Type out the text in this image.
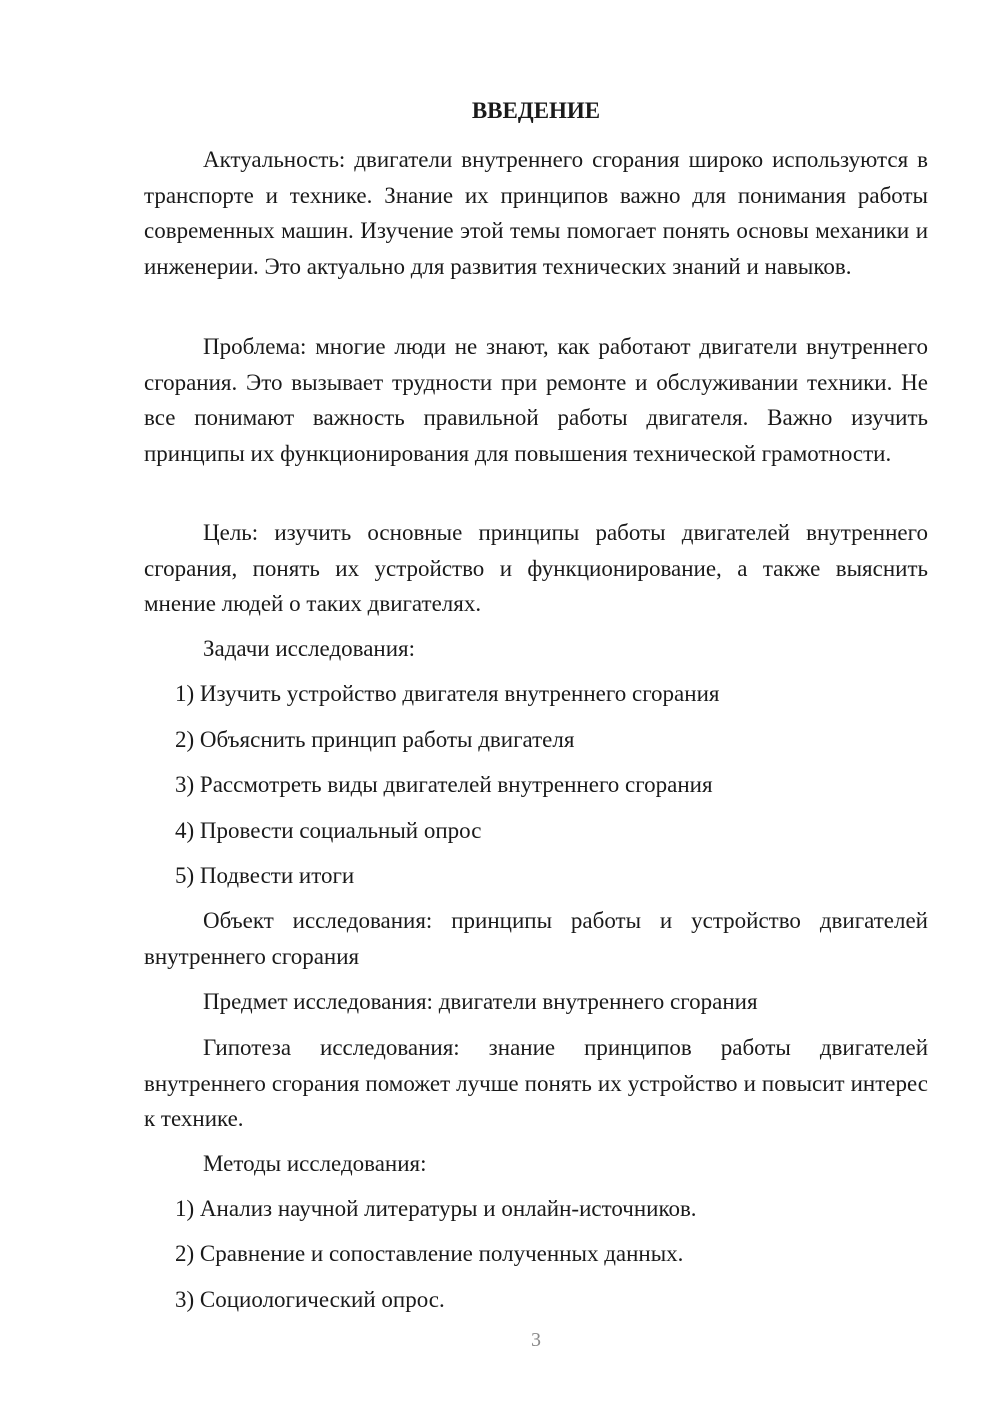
ВВЕДЕНИЕ
Актуальность: двигатели внутреннего сгорания широко используются в транспорте и технике. Знание их принципов важно для понимания работы современных машин. Изучение этой темы помогает понять основы механики и инженерии. Это актуально для развития технических знаний и навыков.
Проблема: многие люди не знают, как работают двигатели внутреннего сгорания. Это вызывает трудности при ремонте и обслуживании техники. Не все понимают важность правильной работы двигателя. Важно изучить принципы их функционирования для повышения технической грамотности.
Цель: изучить основные принципы работы двигателей внутреннего сгорания, понять их устройство и функционирование, а также выяснить мнение людей о таких двигателях.
Задачи исследования:
1) Изучить устройство двигателя внутреннего сгорания
2) Объяснить принцип работы двигателя
3) Рассмотреть виды двигателей внутреннего сгорания
4) Провести социальный опрос
5) Подвести итоги
Объект исследования: принципы работы и устройство двигателей внутреннего сгорания
Предмет исследования: двигатели внутреннего сгорания
Гипотеза исследования: знание принципов работы двигателей внутреннего сгорания поможет лучше понять их устройство и повысит интерес к технике.
Методы исследования:
1) Анализ научной литературы и онлайн-источников.
2) Сравнение и сопоставление полученных данных.
3) Социологический опрос.
3
